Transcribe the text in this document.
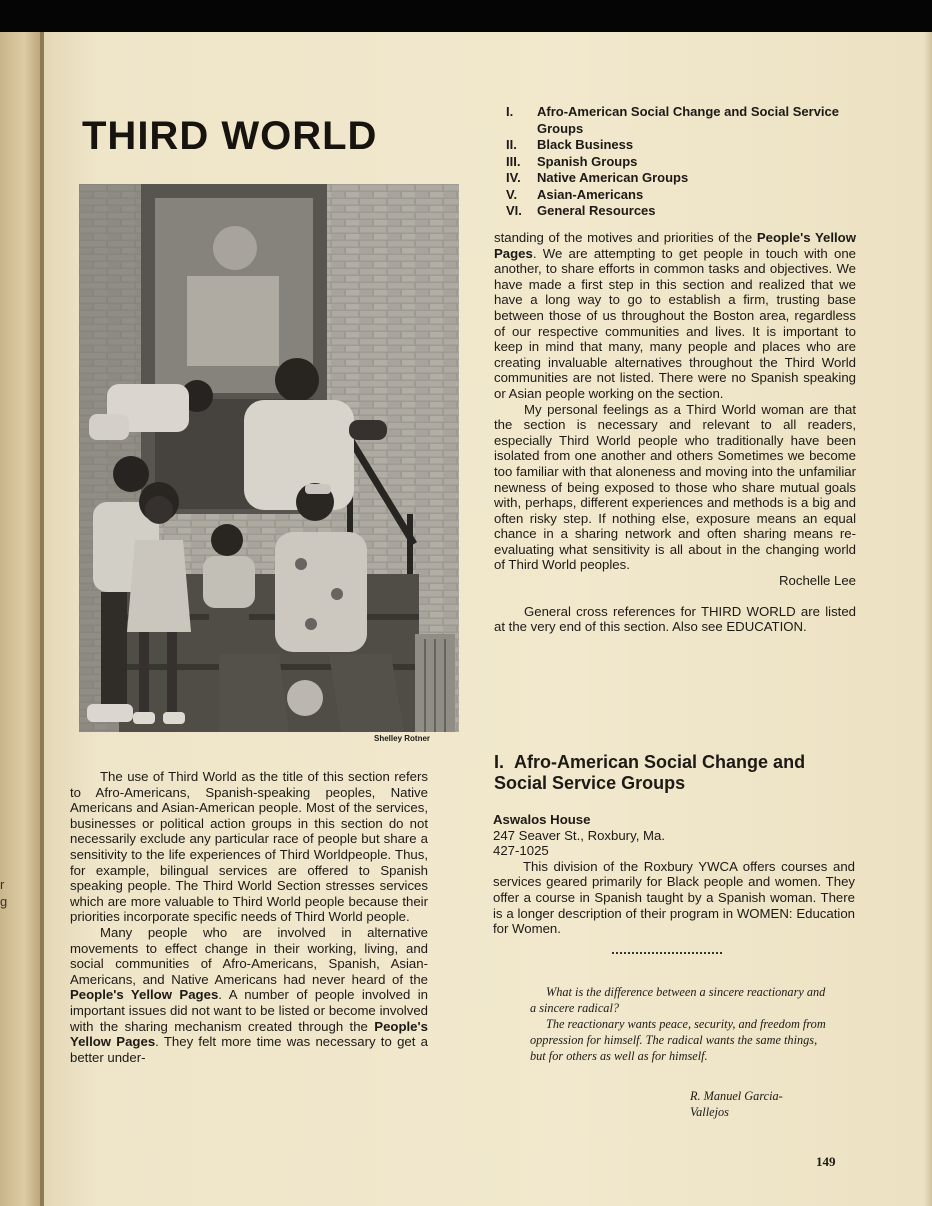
r
g
THIRD WORLD
Shelley Rotner

The use of Third World as the title of this section refers to Afro-Americans, Spanish-speaking peoples, Native Americans and Asian-American people. Most of the services, businesses or political action groups in this section do not necessarily exclude any particular race of people but share a sensitivity to the life experiences of Third Worldpeople. Thus, for example, bilingual services are offered to Spanish speaking people. The Third World Section stresses services which are more valuable to Third World people because their priorities incorporate specific needs of Third World people.

Many people who are involved in alternative movements to effect change in their working, living, and social communities of Afro-Americans, Spanish, Asian-Americans, and Native Americans had never heard of the People's Yellow Pages. A number of people involved in important issues did not want to be listed or become involved with the sharing mechanism created through the People's Yellow Pages. They felt more time was necessary to get a better under-

I.	Afro-American Social Change and Social Service Groups
II.	Black Business
III.	Spanish Groups
IV.	Native American Groups
V.	Asian-Americans
VI.	General Resources

standing of the motives and priorities of the People's Yellow Pages. We are attempting to get people in touch with one another, to share efforts in common tasks and objectives. We have made a first step in this section and realized that we have a long way to go to establish a firm, trusting base between those of us throughout the Boston area, regardless of our respective communities and lives. It is important to keep in mind that many, many people and places who are creating invaluable alternatives throughout the Third World communities are not listed. There were no Spanish speaking or Asian people working on the section.

My personal feelings as a Third World woman are that the section is necessary and relevant to all readers, especially Third World people who traditionally have been isolated from one another and others Sometimes we become too familiar with that aloneness and moving into the unfamiliar newness of being exposed to those who share mutual goals with, perhaps, different experiences and methods is a big and often risky step. If nothing else, exposure means an equal chance in a sharing network and often sharing means re-evaluating what sensitivity is all about in the changing world of Third World peoples.

Rochelle Lee

General cross references for THIRD WORLD are listed at the very end of this section. Also see EDUCATION.

I. Afro-American Social Change and Social Service Groups
Aswalos House
247 Seaver St., Roxbury, Ma.
427-1025
This division of the Roxbury YWCA offers courses and services geared primarily for Black people and women. They offer a course in Spanish taught by a Spanish woman. There is a longer description of their program in WOMEN: Education for Women.

What is the difference between a sincere reactionary and a sincere radical?

The reactionary wants peace, security, and freedom from oppression for himself. The radical wants the same things, but for others as well as for himself.

R. Manuel Garcia-
Vallejos
149
